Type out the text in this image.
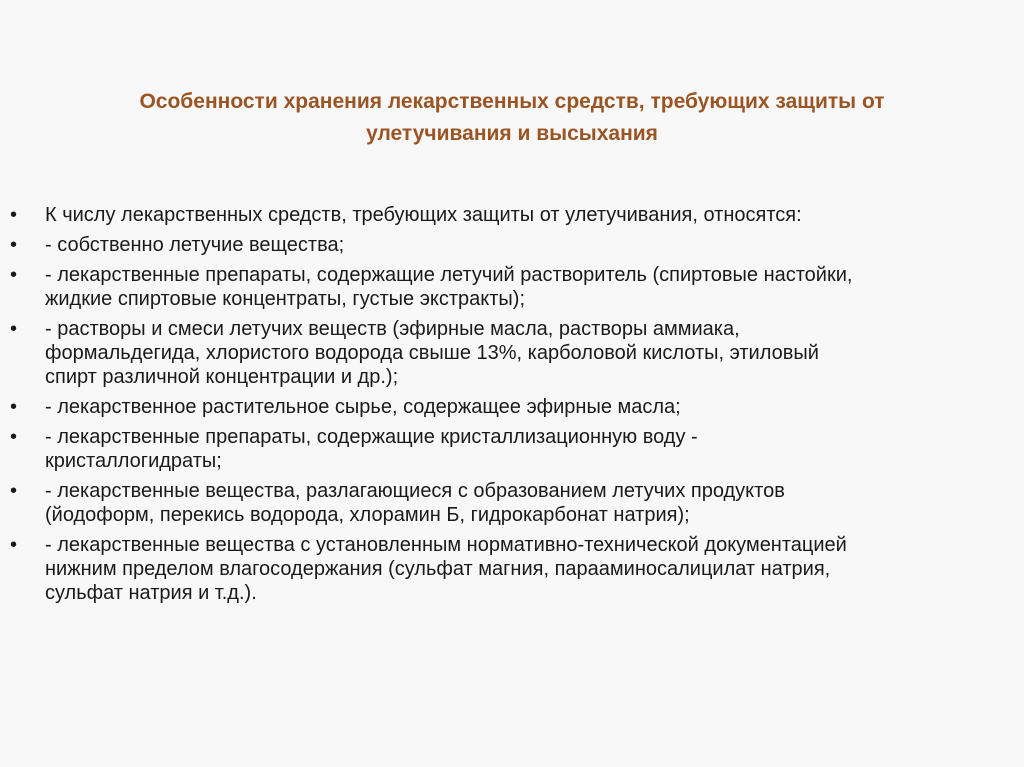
Особенности хранения лекарственных средств, требующих защиты от
улетучивания и высыхания
•	К числу лекарственных средств, требующих защиты от улетучивания, относятся:
•	- собственно летучие вещества;
•	- лекарственные препараты, содержащие летучий растворитель (спиртовые настойки,
жидкие спиртовые концентраты, густые экстракты);
•	- растворы и смеси летучих веществ (эфирные масла, растворы аммиака,
формальдегида, хлористого водорода свыше 13%, карболовой кислоты, этиловый
спирт различной концентрации и др.);
•	- лекарственное растительное сырье, содержащее эфирные масла;
•	- лекарственные препараты, содержащие кристаллизационную воду -
кристаллогидраты;
•	- лекарственные вещества, разлагающиеся с образованием летучих продуктов
(йодоформ, перекись водорода, хлорамин Б, гидрокарбонат натрия);
•	- лекарственные вещества с установленным нормативно-технической документацией
нижним пределом влагосодержания (сульфат магния, парааминосалицилат натрия,
сульфат натрия и т.д.).
